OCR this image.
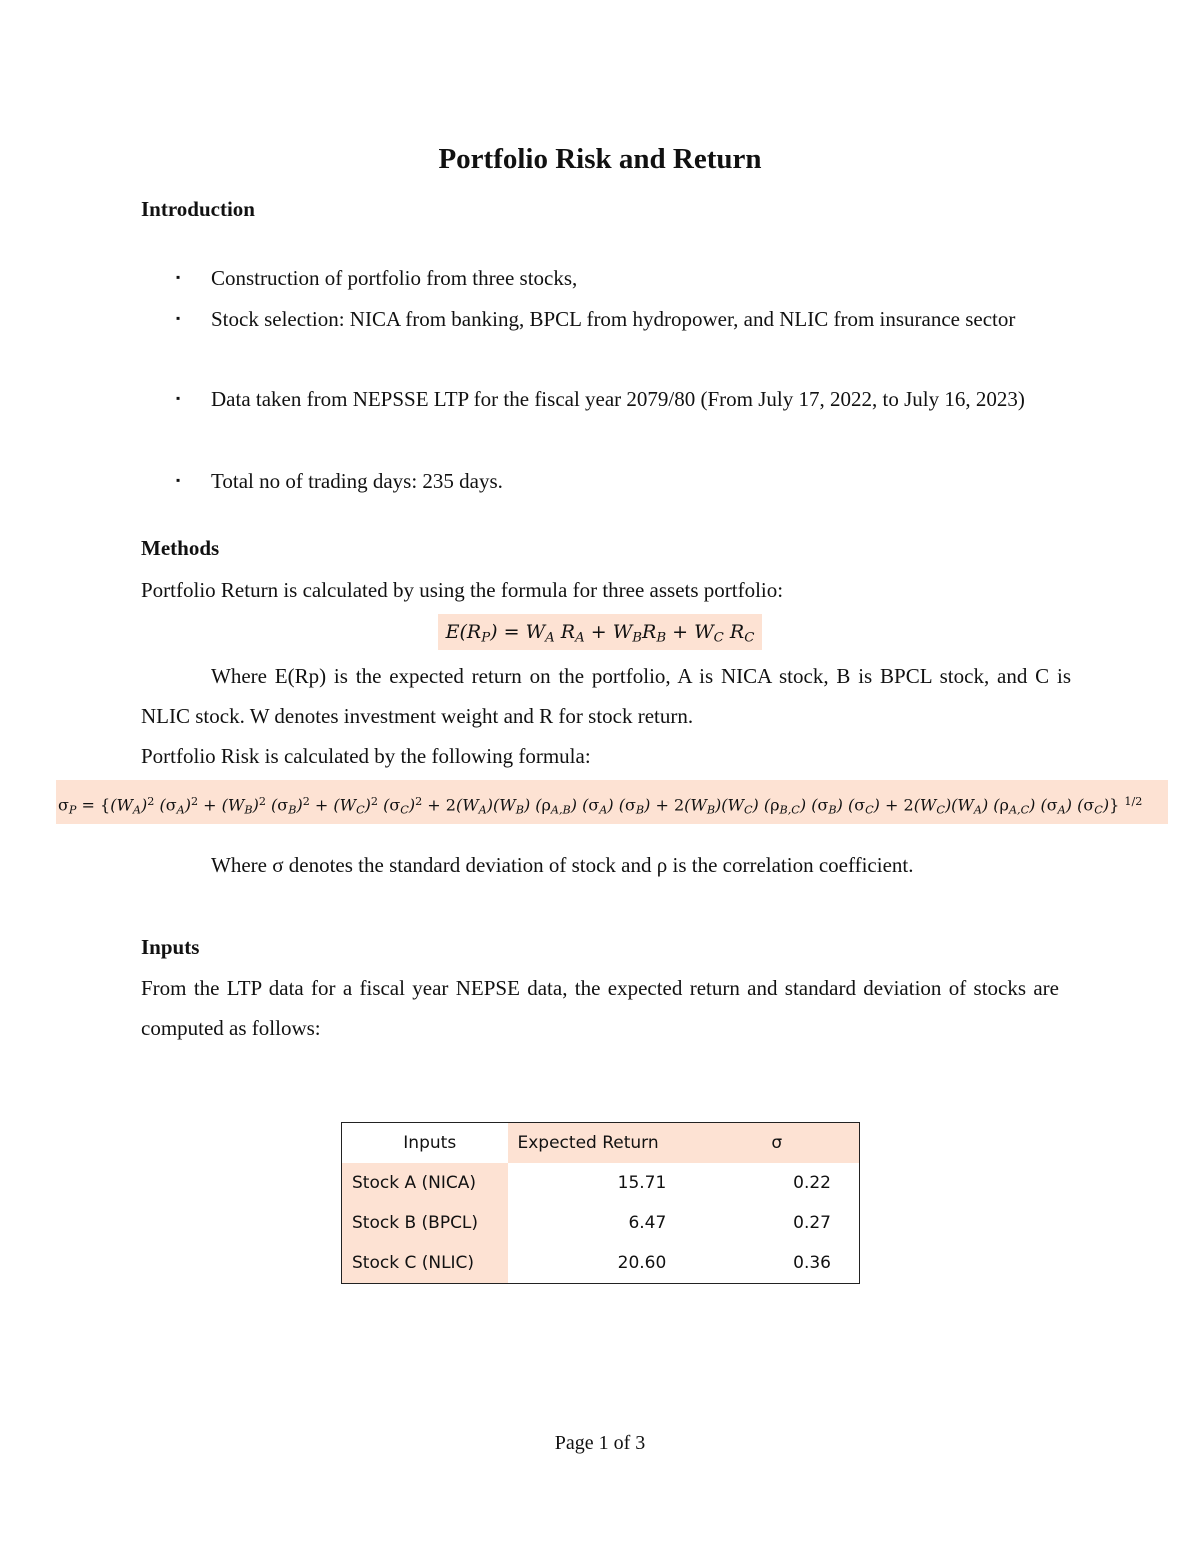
Portfolio Risk and Return
Introduction
▪ Construction of portfolio from three stocks,
▪ Stock selection: NICA from banking, BPCL from hydropower, and NLIC from insurance sector
▪ Data taken from NEPSSE LTP for the fiscal year 2079/80 (From July 17, 2022, to July 16, 2023)
▪ Total no of trading days: 235 days.
Methods
Portfolio Return is calculated by using the formula for three assets portfolio:
$E(R_P) = W_A$ $R_A + W_BR_B + W_C$ $R_C$
Where E(Rp) is the expected return on the portfolio, A is NICA stock, B is BPCL stock, and C is NLIC stock. W denotes investment weight and R for stock return.
Portfolio Risk is calculated by the following formula:
$\sigma_P = \{(W_A)^2$ $(\sigma_A)^2 + (W_B)^2$ $(\sigma_B)^2 + (W_C)^2$ $(\sigma_C)^2 + 2(W_A)(W_B)$ $(\rho_{A,B})$ $(\sigma_A) (\sigma_B) + 2(W_B)(W_C)$ $(\rho_{B,C})$ $(\sigma_B) (\sigma_C) + 2(W_C)(W_A)$ $(\rho_{A,C})$ $(\sigma_A)$ $(\sigma_C)$} $^{1/2}$
Where σ denotes the standard deviation of stock and ρ is the correlation coefficient.
Inputs
From the LTP data for a fiscal year NEPSE data, the expected return and standard deviation of stocks are computed as follows:
Inputs	Expected Return	σ
Stock A (NICA)	15.71	0.22
Stock B (BPCL)	6.47	0.27
Stock C (NLIC)	20.60	0.36
Page 1 of 3
